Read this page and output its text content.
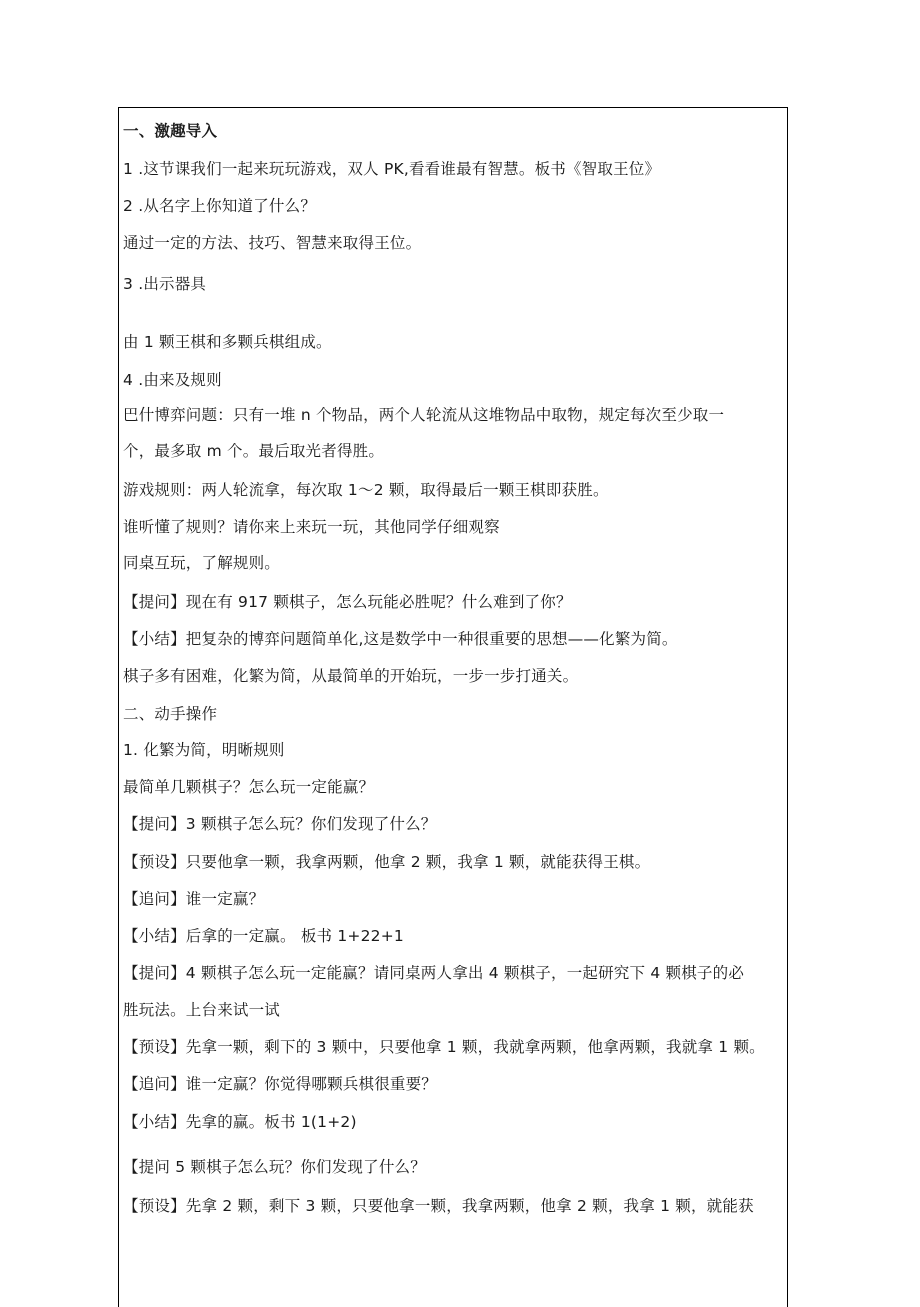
一、激趣导入
1 .这节课我们一起来玩玩游戏，双人 PK,看看谁最有智慧。板书《智取王位》
2 .从名字上你知道了什么？
通过一定的方法、技巧、智慧来取得王位。
3 .出示器具
由 1 颗王棋和多颗兵棋组成。
4 .由来及规则
巴什博弈问题：只有一堆 n 个物品，两个人轮流从这堆物品中取物，规定每次至少取一
个，最多取 m 个。最后取光者得胜。
游戏规则：两人轮流拿，每次取 1～2 颗，取得最后一颗王棋即获胜。
谁听懂了规则？请你来上来玩一玩，其他同学仔细观察
同桌互玩，了解规则。
【提问】现在有 917 颗棋子，怎么玩能必胜呢？什么难到了你？
【小结】把复杂的博弈问题简单化,这是数学中一种很重要的思想——化繁为简。
棋子多有困难，化繁为简，从最简单的开始玩，一步一步打通关。
二、动手操作
1. 化繁为简，明晰规则
最简单几颗棋子？怎么玩一定能赢？
【提问】3 颗棋子怎么玩？你们发现了什么？
【预设】只要他拿一颗，我拿两颗，他拿 2 颗，我拿 1 颗，就能获得王棋。
【追问】谁一定赢？
【小结】后拿的一定赢。 板书 1+22+1
【提问】4 颗棋子怎么玩一定能赢？请同桌两人拿出 4 颗棋子，一起研究下 4 颗棋子的必
胜玩法。上台来试一试
【预设】先拿一颗，剩下的 3 颗中，只要他拿 1 颗，我就拿两颗，他拿两颗，我就拿 1 颗。
【追问】谁一定赢？你觉得哪颗兵棋很重要？
【小结】先拿的赢。板书 1(1+2)
【提问 5 颗棋子怎么玩？你们发现了什么？
【预设】先拿 2 颗，剩下 3 颗，只要他拿一颗，我拿两颗，他拿 2 颗，我拿 1 颗，就能获
